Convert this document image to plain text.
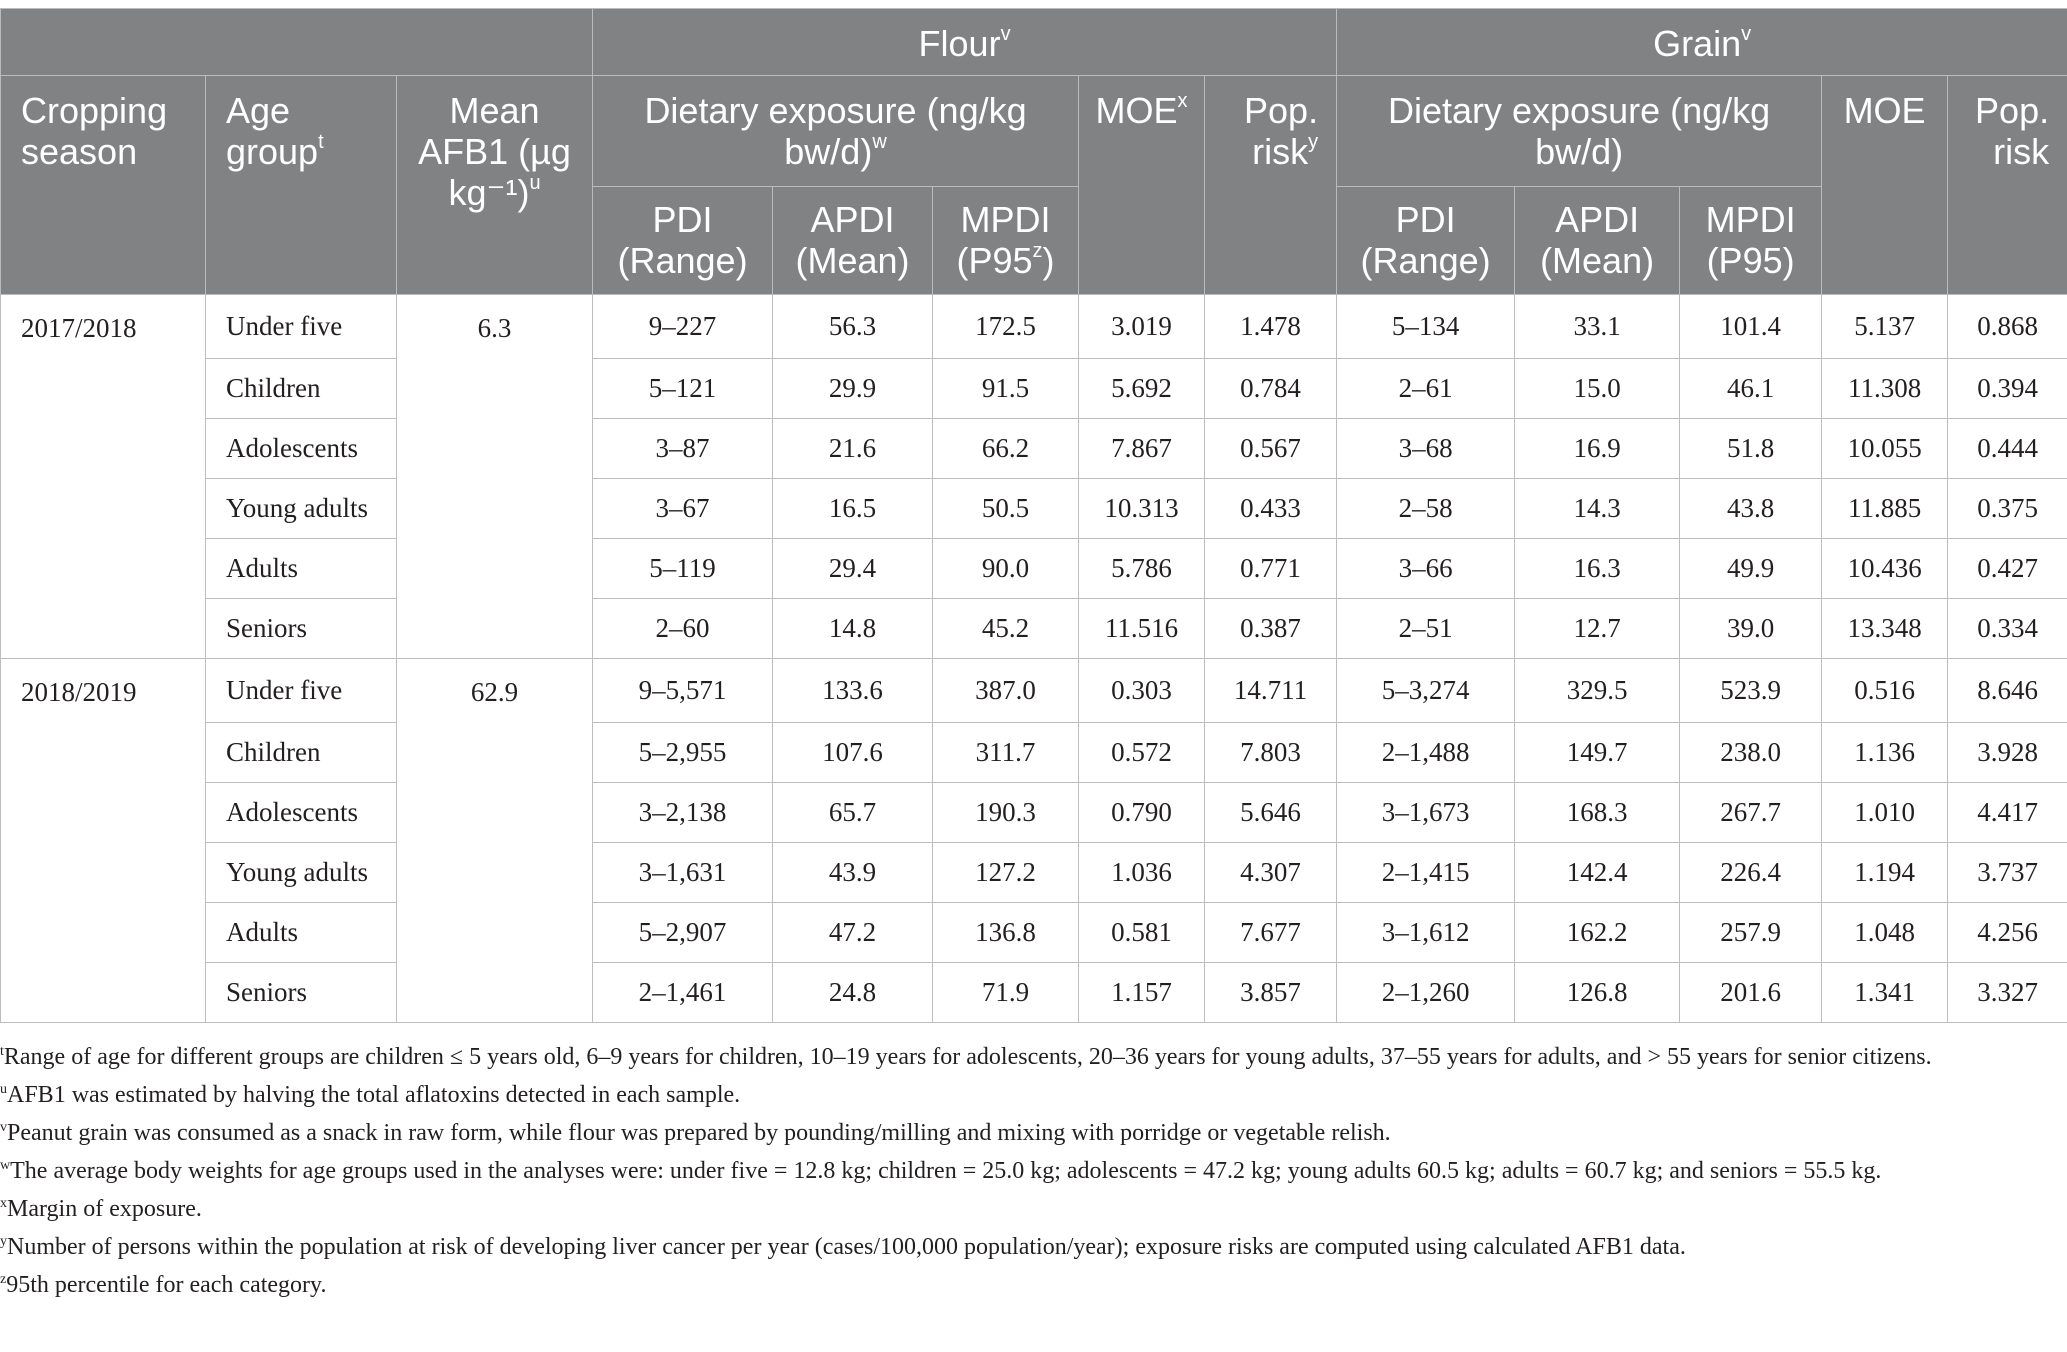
			Flour$^v$					Grain$^v$
Cropping season	Age group$^t$	Mean AFB1 (µg kg⁻¹)$^u$	Dietary exposure (ng/kg bw/d)$^w$			MOE$^x$	Pop. risk$^y$	Dietary exposure (ng/kg bw/d)			MOE	Pop. risk
			PDI (Range)	APDI (Mean)	MPDI (P95$^z$)			PDI (Range)	APDI (Mean)	MPDI (P95)		
2017/2018	Under five	6.3	9–227	56.3	172.5	3.019	1.478	5–134	33.1	101.4	5.137	0.868
	Children		5–121	29.9	91.5	5.692	0.784	2–61	15.0	46.1	11.308	0.394
	Adolescents		3–87	21.6	66.2	7.867	0.567	3–68	16.9	51.8	10.055	0.444
	Young adults		3–67	16.5	50.5	10.313	0.433	2–58	14.3	43.8	11.885	0.375
	Adults		5–119	29.4	90.0	5.786	0.771	3–66	16.3	49.9	10.436	0.427
	Seniors		2–60	14.8	45.2	11.516	0.387	2–51	12.7	39.0	13.348	0.334
2018/2019	Under five	62.9	9–5,571	133.6	387.0	0.303	14.711	5–3,274	329.5	523.9	0.516	8.646
	Children		5–2,955	107.6	311.7	0.572	7.803	2–1,488	149.7	238.0	1.136	3.928
	Adolescents		3–2,138	65.7	190.3	0.790	5.646	3–1,673	168.3	267.7	1.010	4.417
	Young adults		3–1,631	43.9	127.2	1.036	4.307	2–1,415	142.4	226.4	1.194	3.737
	Adults		5–2,907	47.2	136.8	0.581	7.677	3–1,612	162.2	257.9	1.048	4.256
	Seniors		2–1,461	24.8	71.9	1.157	3.857	2–1,260	126.8	201.6	1.341	3.327

$^t$Range of age for different groups are children ≤ 5 years old, 6–9 years for children, 10–19 years for adolescents, 20–36 years for young adults, 37–55 years for adults, and > 55 years for senior citizens.

$^u$AFB1 was estimated by halving the total aflatoxins detected in each sample.

$^v$Peanut grain was consumed as a snack in raw form, while flour was prepared by pounding/milling and mixing with porridge or vegetable relish.

$^w$The average body weights for age groups used in the analyses were: under five = 12.8 kg; children = 25.0 kg; adolescents = 47.2 kg; young adults 60.5 kg; adults = 60.7 kg; and seniors = 55.5 kg.

$^x$Margin of exposure.

$^y$Number of persons within the population at risk of developing liver cancer per year (cases/100,000 population/year); exposure risks are computed using calculated AFB1 data.

$^z$95th percentile for each category.
